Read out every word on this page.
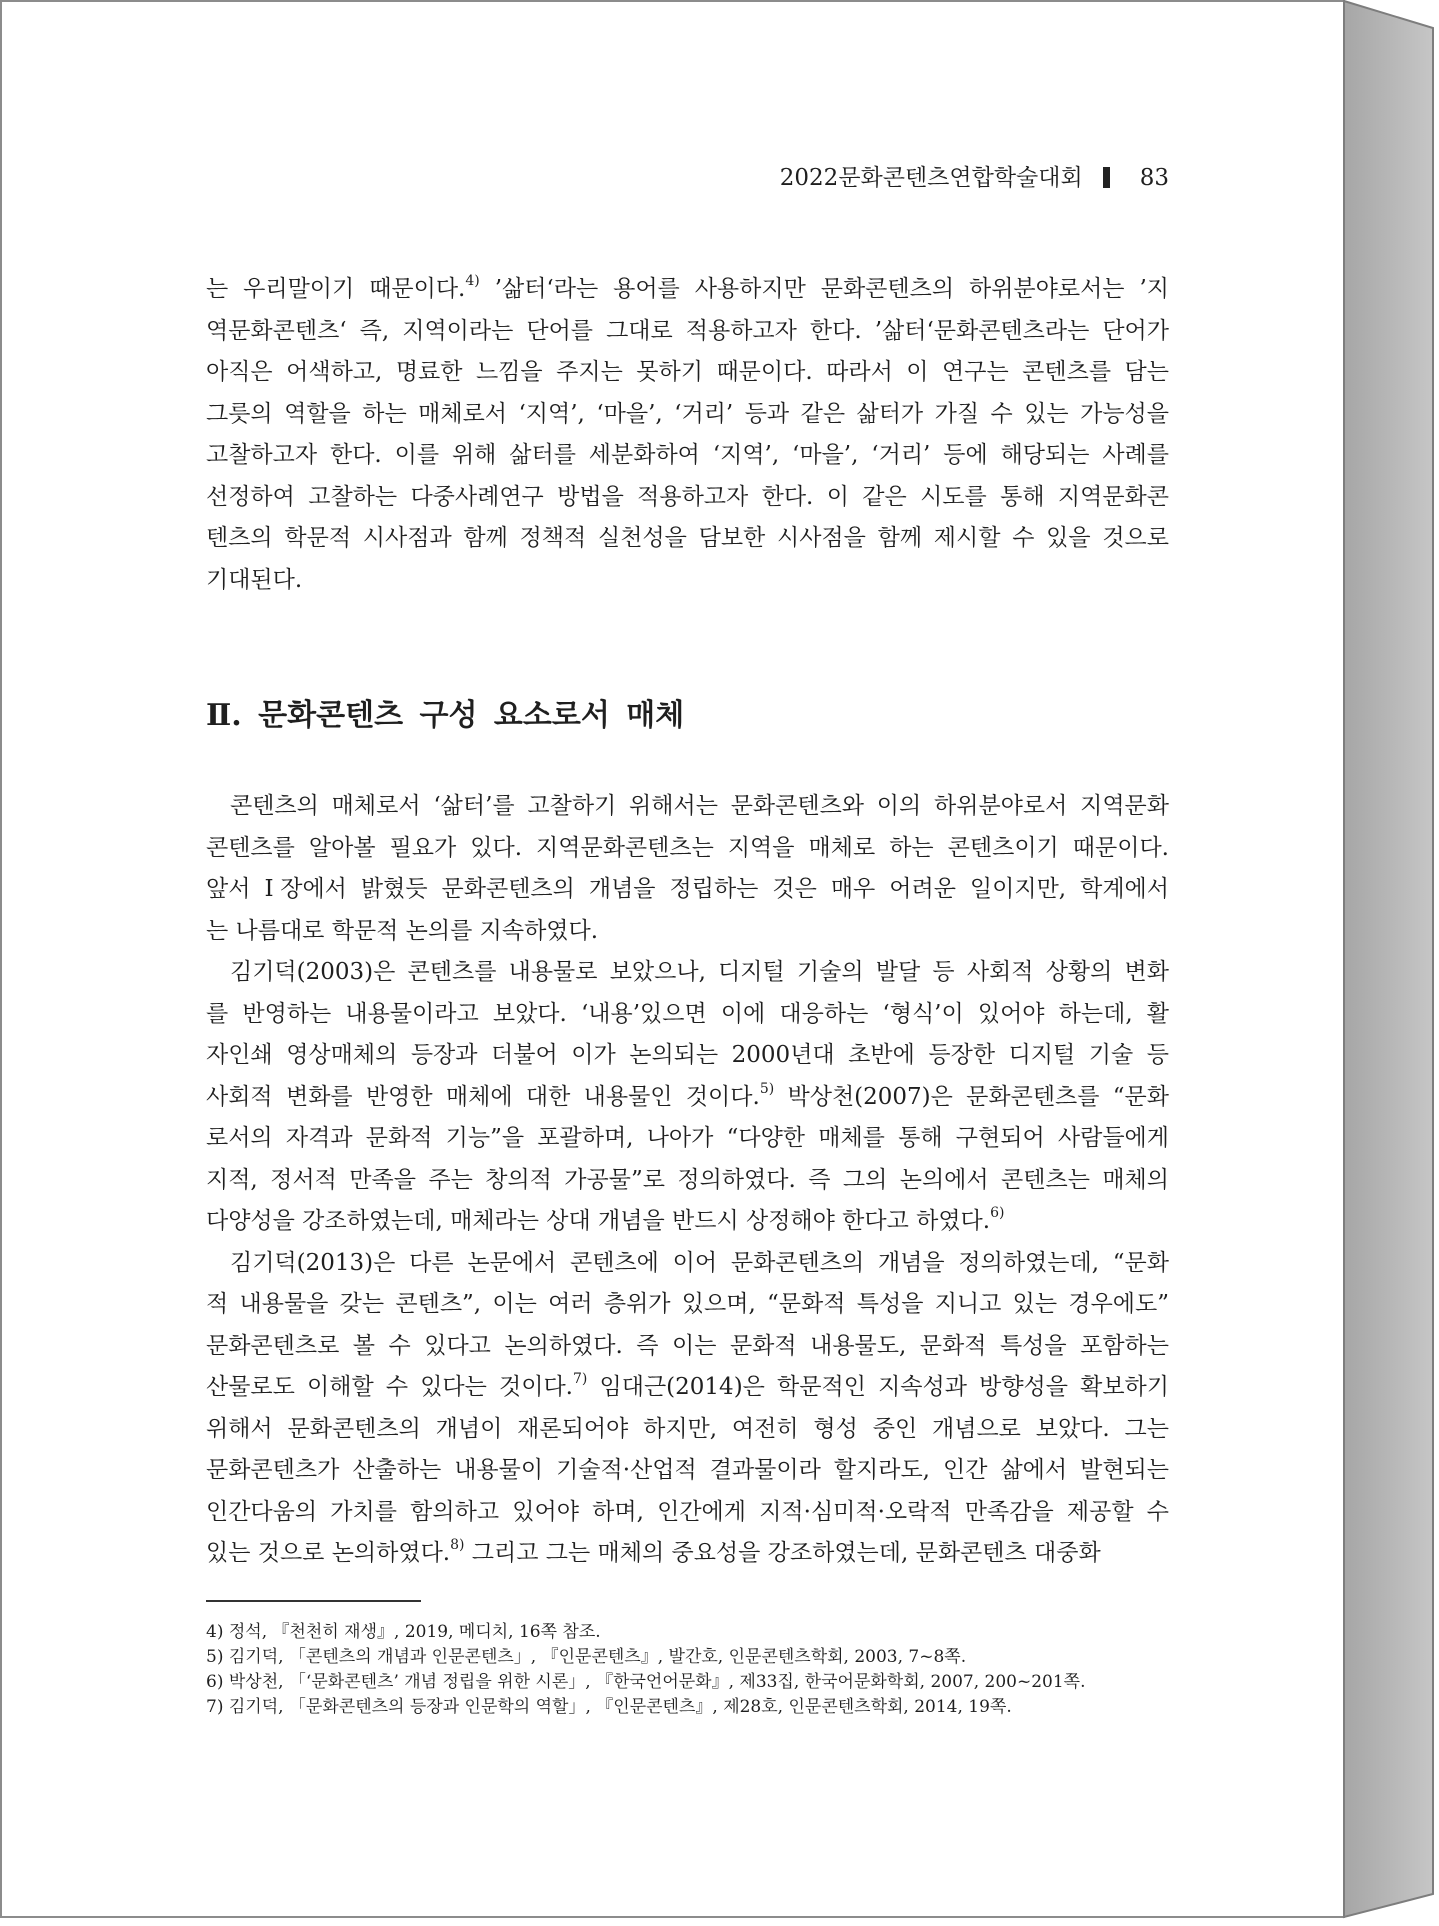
2022문화콘텐츠연합학술대회 83
는 우리말이기 때문이다.$^{4)}$ ’삶터‘라는 용어를 사용하지만 문화콘텐츠의 하위분야로서는 ’지
역문화콘텐츠‘ 즉, 지역이라는 단어를 그대로 적용하고자 한다. ’삶터‘문화콘텐츠라는 단어가
아직은 어색하고, 명료한 느낌을 주지는 못하기 때문이다. 따라서 이 연구는 콘텐츠를 담는
그릇의 역할을 하는 매체로서 ‘지역’, ‘마을’, ‘거리’ 등과 같은 삶터가 가질 수 있는 가능성을
고찰하고자 한다. 이를 위해 삶터를 세분화하여 ‘지역’, ‘마을’, ‘거리’ 등에 해당되는 사례를
선정하여 고찰하는 다중사례연구 방법을 적용하고자 한다. 이 같은 시도를 통해 지역문화콘
텐츠의 학문적 시사점과 함께 정책적 실천성을 담보한 시사점을 함께 제시할 수 있을 것으로
기대된다.
Ⅱ. 문화콘텐츠 구성 요소로서 매체
콘텐츠의 매체로서 ‘삶터’를 고찰하기 위해서는 문화콘텐츠와 이의 하위분야로서 지역문화
콘텐츠를 알아볼 필요가 있다. 지역문화콘텐츠는 지역을 매체로 하는 콘텐츠이기 때문이다.
앞서 Ⅰ장에서 밝혔듯 문화콘텐츠의 개념을 정립하는 것은 매우 어려운 일이지만, 학계에서
는 나름대로 학문적 논의를 지속하였다.
김기덕(2003)은 콘텐츠를 내용물로 보았으나, 디지털 기술의 발달 등 사회적 상황의 변화
를 반영하는 내용물이라고 보았다. ‘내용’있으면 이에 대응하는 ‘형식’이 있어야 하는데, 활
자인쇄 영상매체의 등장과 더불어 이가 논의되는 2000년대 초반에 등장한 디지털 기술 등
사회적 변화를 반영한 매체에 대한 내용물인 것이다.$^{5)}$ 박상천(2007)은 문화콘텐츠를 “문화
로서의 자격과 문화적 기능”을 포괄하며, 나아가 “다양한 매체를 통해 구현되어 사람들에게
지적, 정서적 만족을 주는 창의적 가공물”로 정의하였다. 즉 그의 논의에서 콘텐츠는 매체의
다양성을 강조하였는데, 매체라는 상대 개념을 반드시 상정해야 한다고 하였다.$^{6)}$
김기덕(2013)은 다른 논문에서 콘텐츠에 이어 문화콘텐츠의 개념을 정의하였는데, “문화
적 내용물을 갖는 콘텐츠”, 이는 여러 층위가 있으며, “문화적 특성을 지니고 있는 경우에도”
문화콘텐츠로 볼 수 있다고 논의하였다. 즉 이는 문화적 내용물도, 문화적 특성을 포함하는
산물로도 이해할 수 있다는 것이다.$^{7)}$ 임대근(2014)은 학문적인 지속성과 방향성을 확보하기
위해서 문화콘텐츠의 개념이 재론되어야 하지만, 여전히 형성 중인 개념으로 보았다. 그는
문화콘텐츠가 산출하는 내용물이 기술적·산업적 결과물이라 할지라도, 인간 삶에서 발현되는
인간다움의 가치를 함의하고 있어야 하며, 인간에게 지적·심미적·오락적 만족감을 제공할 수
있는 것으로 논의하였다.$^{8)}$ 그리고 그는 매체의 중요성을 강조하였는데, 문화콘텐츠 대중화
4) 정석, 『천천히 재생』, 2019, 메디치, 16쪽 참조.
5) 김기덕, 「콘텐츠의 개념과 인문콘텐츠」, 『인문콘텐츠』, 발간호, 인문콘텐츠학회, 2003, 7~8쪽.
6) 박상천, 「‘문화콘텐츠’ 개념 정립을 위한 시론」, 『한국언어문화』, 제33집, 한국어문화학회, 2007, 200~201쪽.
7) 김기덕, 「문화콘텐츠의 등장과 인문학의 역할」, 『인문콘텐츠』, 제28호, 인문콘텐츠학회, 2014, 19쪽.
